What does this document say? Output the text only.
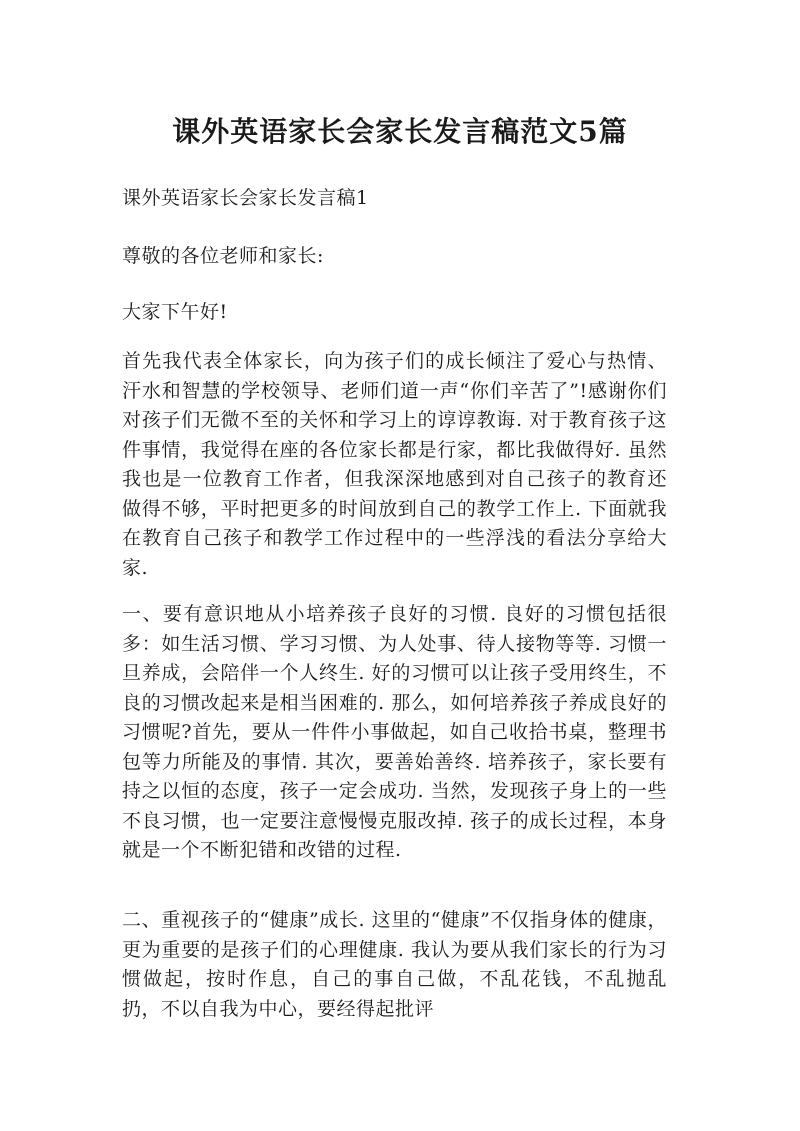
课外英语家长会家长发言稿范文5篇

课外英语家长会家长发言稿1

尊敬的各位老师和家长:

大家下午好!

首先我代表全体家长，向为孩子们的成长倾注了爱心与热情、汗水和智慧的学校领导、老师们道一声“你们辛苦了”!感谢你们对孩子们无微不至的关怀和学习上的谆谆教诲. 对于教育孩子这件事情，我觉得在座的各位家长都是行家，都比我做得好. 虽然我也是一位教育工作者，但我深深地感到对自己孩子的教育还做得不够，平时把更多的时间放到自己的教学工作上. 下面就我在教育自己孩子和教学工作过程中的一些浮浅的看法分享给大家.

一、要有意识地从小培养孩子良好的习惯. 良好的习惯包括很多：如生活习惯、学习习惯、为人处事、待人接物等等. 习惯一旦养成，会陪伴一个人终生. 好的习惯可以让孩子受用终生，不良的习惯改起来是相当困难的. 那么，如何培养孩子养成良好的习惯呢?首先，要从一件件小事做起，如自己收拾书桌，整理书包等力所能及的事情. 其次，要善始善终. 培养孩子，家长要有持之以恒的态度，孩子一定会成功. 当然，发现孩子身上的一些不良习惯，也一定要注意慢慢克服改掉. 孩子的成长过程，本身就是一个不断犯错和改错的过程.

二、重视孩子的“健康”成长. 这里的“健康”不仅指身体的健康，更为重要的是孩子们的心理健康. 我认为要从我们家长的行为习惯做起，按时作息，自己的事自己做，不乱花钱，不乱抛乱扔，不以自我为中心，要经得起批评
